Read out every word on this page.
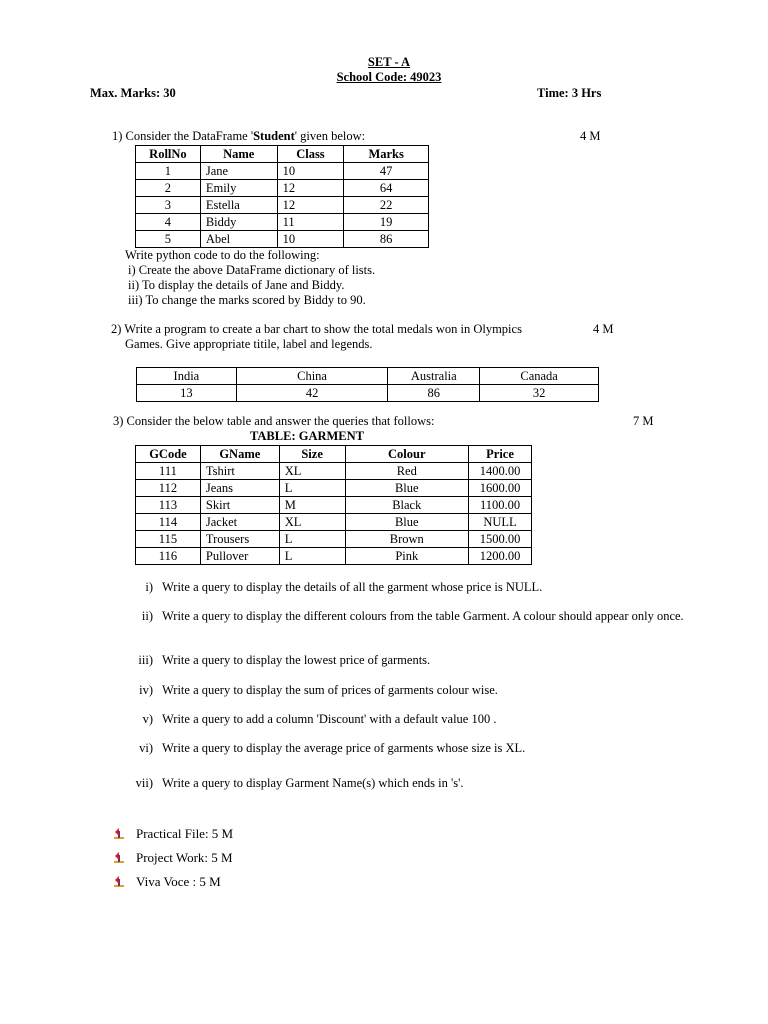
SET - A
School Code: 49023
Max. Marks: 30	Time: 3 Hrs
1) Consider the DataFrame 'Student' given below:	4 M
RollNo	Name	Class	Marks
1	Jane	10	47
2	Emily	12	64
3	Estella	12	22
4	Biddy	11	19
5	Abel	10	86
Write python code to do the following:
i) Create the above DataFrame dictionary of lists.
ii) To display the details of Jane and Biddy.
iii) To change the marks scored by Biddy to 90.
2) Write a program to create a bar chart to show the total medals won in Olympics	4 M
Games. Give appropriate titile, label and legends.
India	China	Australia	Canada
13	42	86	32
3) Consider the below table and answer the queries that follows:	7 M
TABLE: GARMENT
GCode	GName	Size	Colour	Price
111	Tshirt	XL	Red	1400.00
112	Jeans	L	Blue	1600.00
113	Skirt	M	Black	1100.00
114	Jacket	XL	Blue	NULL
115	Trousers	L	Brown	1500.00
116	Pullover	L	Pink	1200.00
i) Write a query to display the details of all the garment whose price is NULL.
ii) Write a query to display the different colours from the table Garment. A colour should appear only once.
iii) Write a query to display the lowest price of garments.
iv) Write a query to display the sum of prices of garments colour wise.
v) Write a query to add a column 'Discount' with a default value 100 .
vi) Write a query to display the average price of garments whose size is XL.
vii) Write a query to display Garment Name(s) which ends in 's'.
Practical File: 5 M
Project Work: 5 M
Viva Voce : 5 M
